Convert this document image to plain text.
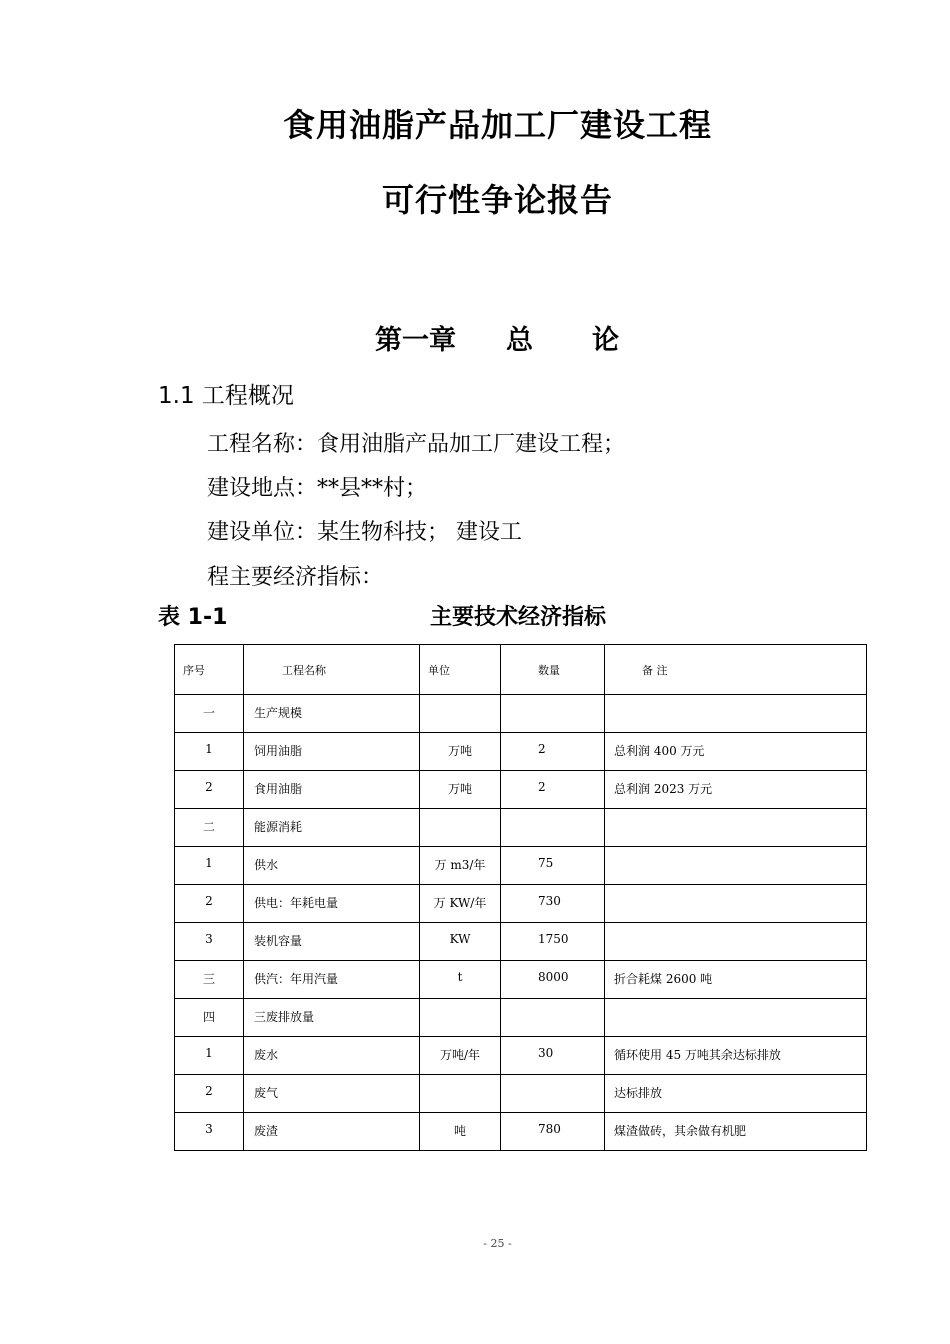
食用油脂产品加工厂建设工程
可行性争论报告
第一章 总 论
1.1 工程概况
工程名称：食用油脂产品加工厂建设工程；
建设地点：**县**村；
建设单位：某生物科技； 建设工
程主要经济指标：
表 1-1	主要技术经济指标
序号	工程名称	单位	数量	备 注
一	生产规模			
1	饲用油脂	万吨	2	总利润 400 万元
2	食用油脂	万吨	2	总利润 2023 万元
二	能源消耗			
1	供水	万 m3/年	75	
2	供电：年耗电量	万 KW/年	730	
3	装机容量	KW	1750	
三	供汽：年用汽量	t	8000	折合耗煤 2600 吨
四	三废排放量			
1	废水	万吨/年	30	循环使用 45 万吨其余达标排放
2	废气			达标排放
3	废渣	吨	780	煤渣做砖，其余做有机肥
- 25 -
